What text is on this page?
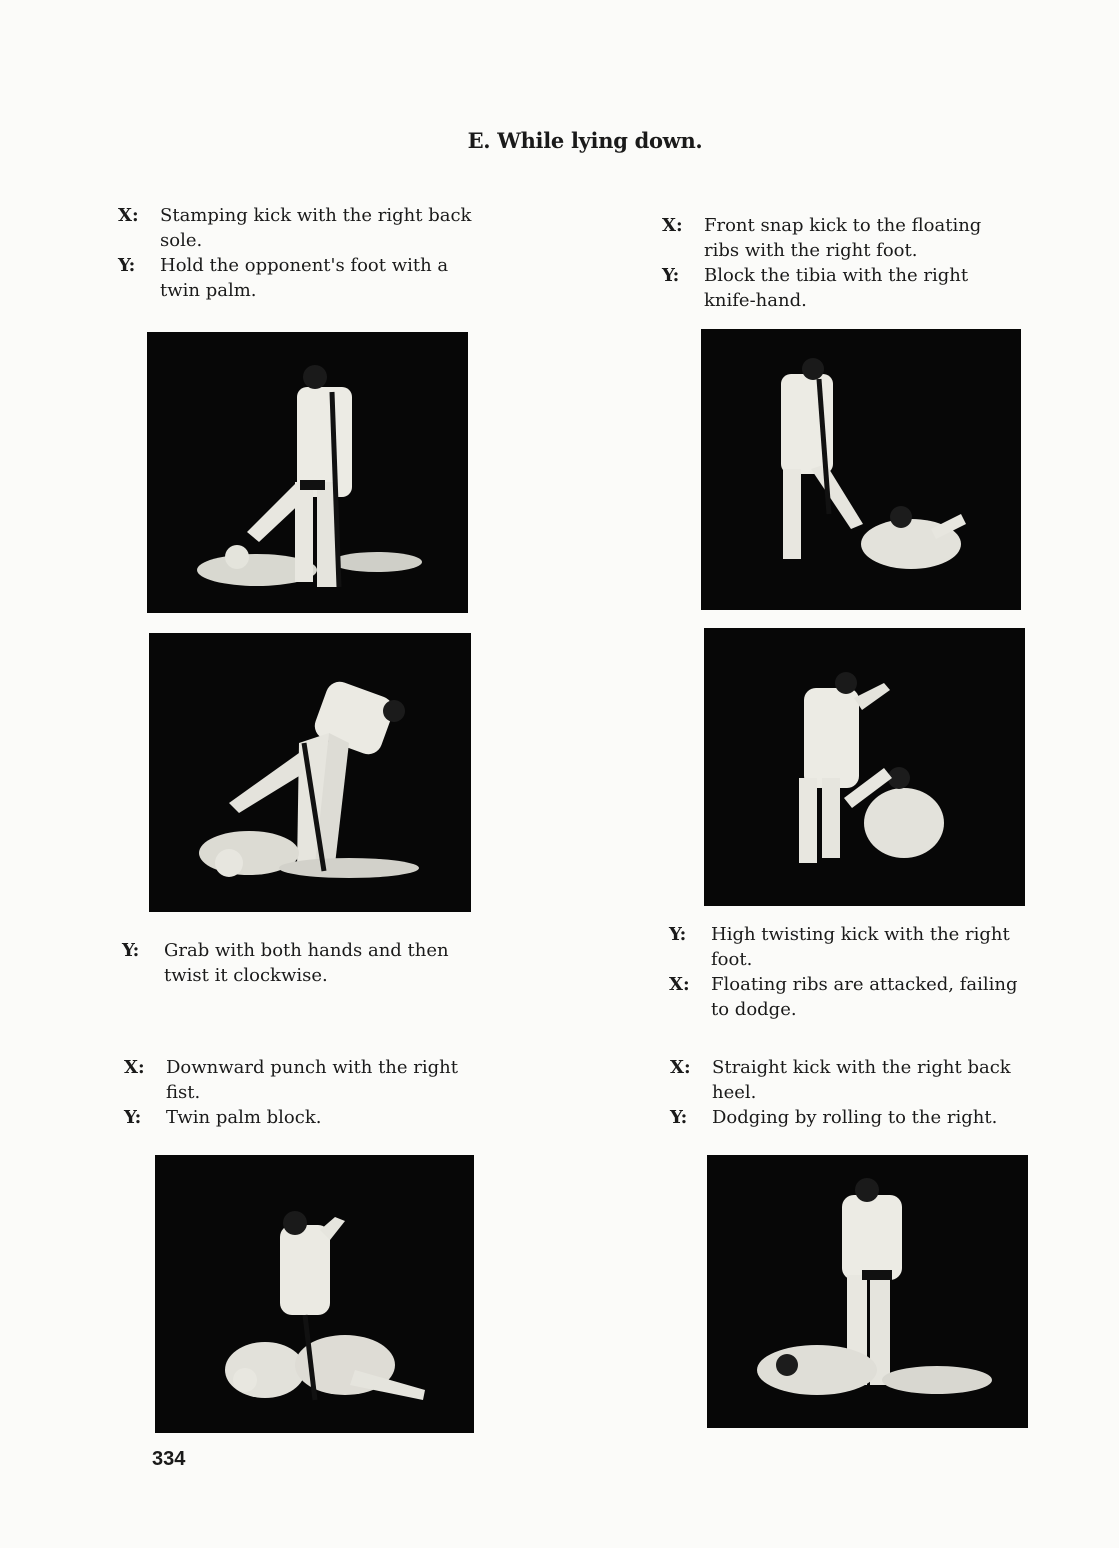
E. While lying down.

X: Stamping kick with the right back
sole.

Y: Hold the opponent's foot with a
twin palm.

Y: Grab with both hands and then
twist it clockwise.

X: Downward punch with the right
fist.

Y: Twin palm block.

X: Front snap kick to the floating
ribs with the right foot.

Y: Block the tibia with the right
knife-hand.

Y: High twisting kick with the right
foot.

X: Floating ribs are attacked, failing
to dodge.

X: Straight kick with the right back
heel.

Y: Dodging by rolling to the right.

334
